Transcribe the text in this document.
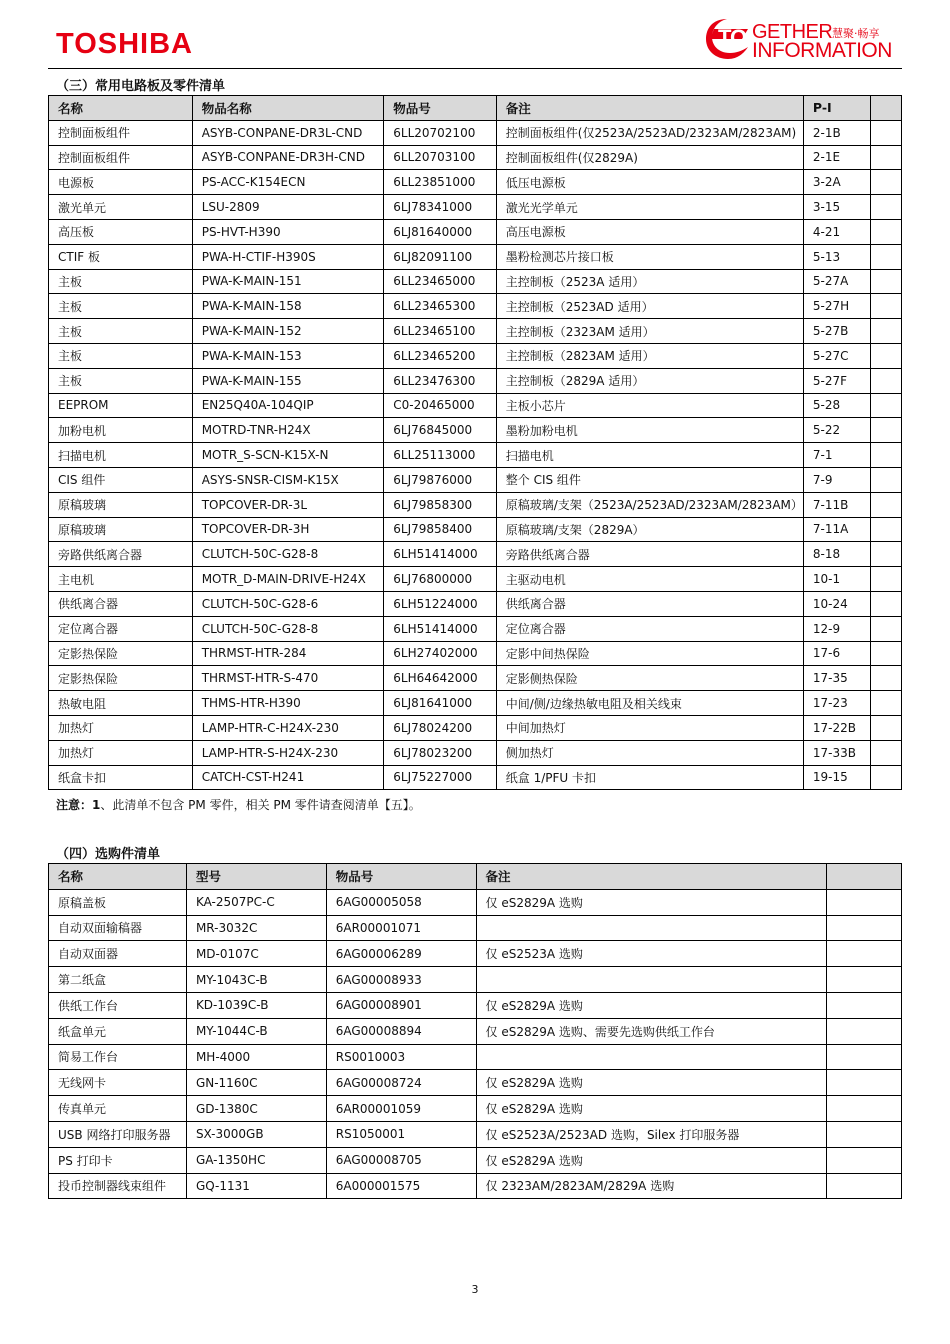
TOSHIBA	TO GETHER 慧聚·畅享
INFORMATION
（三）常用电路板及零件清单
名称	物品名称	物品号	备注	P-I	
控制面板组件	ASYB-CONPANE-DR3L-CND	6LL20702100	控制面板组件(仅2523A/2523AD/2323AM/2823AM)	2-1B	
控制面板组件	ASYB-CONPANE-DR3H-CND	6LL20703100	控制面板组件(仅2829A)	2-1E	
电源板	PS-ACC-K154ECN	6LL23851000	低压电源板	3-2A	
激光单元	LSU-2809	6LJ78341000	激光光学单元	3-15	
高压板	PS-HVT-H390	6LJ81640000	高压电源板	4-21	
CTIF 板	PWA-H-CTIF-H390S	6LJ82091100	墨粉检测芯片接口板	5-13	
主板	PWA-K-MAIN-151	6LL23465000	主控制板（2523A 适用）	5-27A	
主板	PWA-K-MAIN-158	6LL23465300	主控制板（2523AD 适用）	5-27H	
主板	PWA-K-MAIN-152	6LL23465100	主控制板（2323AM 适用）	5-27B	
主板	PWA-K-MAIN-153	6LL23465200	主控制板（2823AM 适用）	5-27C	
主板	PWA-K-MAIN-155	6LL23476300	主控制板（2829A 适用）	5-27F	
EEPROM	EN25Q40A-104QIP	C0-20465000	主板小芯片	5-28	
加粉电机	MOTRD-TNR-H24X	6LJ76845000	墨粉加粉电机	5-22	
扫描电机	MOTR_S-SCN-K15X-N	6LL25113000	扫描电机	7-1	
CIS 组件	ASYS-SNSR-CISM-K15X	6LJ79876000	整个 CIS 组件	7-9	
原稿玻璃	TOPCOVER-DR-3L	6LJ79858300	原稿玻璃/支架（2523A/2523AD/2323AM/2823AM）	7-11B	
原稿玻璃	TOPCOVER-DR-3H	6LJ79858400	原稿玻璃/支架（2829A）	7-11A	
旁路供纸离合器	CLUTCH-50C-G28-8	6LH51414000	旁路供纸离合器	8-18	
主电机	MOTR_D-MAIN-DRIVE-H24X	6LJ76800000	主驱动电机	10-1	
供纸离合器	CLUTCH-50C-G28-6	6LH51224000	供纸离合器	10-24	
定位离合器	CLUTCH-50C-G28-8	6LH51414000	定位离合器	12-9	
定影热保险	THRMST-HTR-284	6LH27402000	定影中间热保险	17-6	
定影热保险	THRMST-HTR-S-470	6LH64642000	定影侧热保险	17-35	
热敏电阻	THMS-HTR-H390	6LJ81641000	中间/侧/边缘热敏电阻及相关线束	17-23	
加热灯	LAMP-HTR-C-H24X-230	6LJ78024200	中间加热灯	17-22B	
加热灯	LAMP-HTR-S-H24X-230	6LJ78023200	侧加热灯	17-33B	
纸盒卡扣	CATCH-CST-H241	6LJ75227000	纸盒 1/PFU 卡扣	19-15	
注意：1、此清单不包含 PM 零件，相关 PM 零件请查阅清单【五】。
（四）选购件清单
名称	型号	物品号	备注	
原稿盖板	KA-2507PC-C	6AG00005058	仅 eS2829A 选购	
自动双面输稿器	MR-3032C	6AR00001071		
自动双面器	MD-0107C	6AG00006289	仅 eS2523A 选购	
第二纸盒	MY-1043C-B	6AG00008933		
供纸工作台	KD-1039C-B	6AG00008901	仅 eS2829A 选购	
纸盒单元	MY-1044C-B	6AG00008894	仅 eS2829A 选购、需要先选购供纸工作台	
简易工作台	MH-4000	RS0010003		
无线网卡	GN-1160C	6AG00008724	仅 eS2829A 选购	
传真单元	GD-1380C	6AR00001059	仅 eS2829A 选购	
USB 网络打印服务器	SX-3000GB	RS1050001	仅 eS2523A/2523AD 选购，Silex 打印服务器	
PS 打印卡	GA-1350HC	6AG00008705	仅 eS2829A 选购	
投币控制器线束组件	GQ-1131	6A000001575	仅 2323AM/2823AM/2829A 选购	
3
